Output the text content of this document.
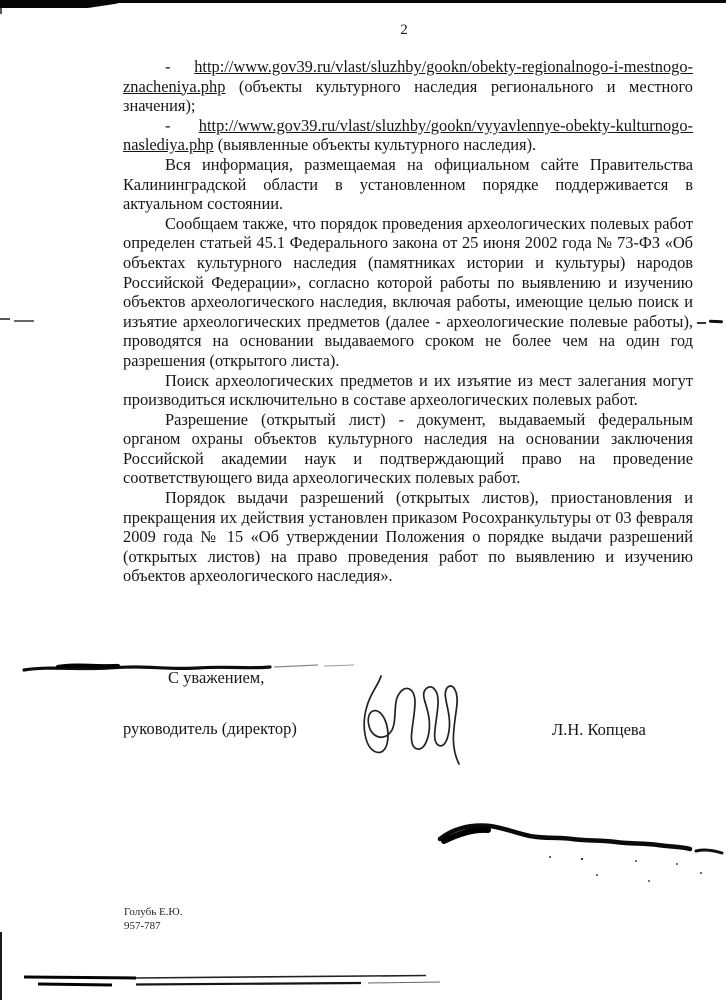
2

- http://www.gov39.ru/vlast/sluzhby/gookn/obekty-regionalnogo-i-mestnogo-znacheniya.php (объекты культурного наследия регионального и местного значения);

- http://www.gov39.ru/vlast/sluzhby/gookn/vyyavlennye-obekty-kulturnogo-naslediya.php (выявленные объекты культурного наследия).

Вся информация, размещаемая на официальном сайте Правительства Калининградской области в установленном порядке поддерживается в актуальном состоянии.

Сообщаем также, что порядок проведения археологических полевых работ определен статьей 45.1 Федерального закона от 25 июня 2002 года № 73-ФЗ «Об объектах культурного наследия (памятниках истории и культуры) народов Российской Федерации», согласно которой работы по выявлению и изучению объектов археологического наследия, включая работы, имеющие целью поиск и изъятие археологических предметов (далее - археологические полевые работы), проводятся на основании выдаваемого сроком не более чем на один год разрешения (открытого листа).

Поиск археологических предметов и их изъятие из мест залегания могут производиться исключительно в составе археологических полевых работ.

Разрешение (открытый лист) - документ, выдаваемый федеральным органом охраны объектов культурного наследия на основании заключения Российской академии наук и подтверждающий право на проведение соответствующего вида археологических полевых работ.

Порядок выдачи разрешений (открытых листов), приостановления и прекращения их действия установлен приказом Росохранкультуры от 03 февраля 2009 года № 15 «Об утверждении Положения о порядке выдачи разрешений (открытых листов) на право проведения работ по выявлению и изучению объектов археологического наследия».

С уважением,
руководитель (директор)	Л.Н. Копцева
Голубь Е.Ю.
957-787
